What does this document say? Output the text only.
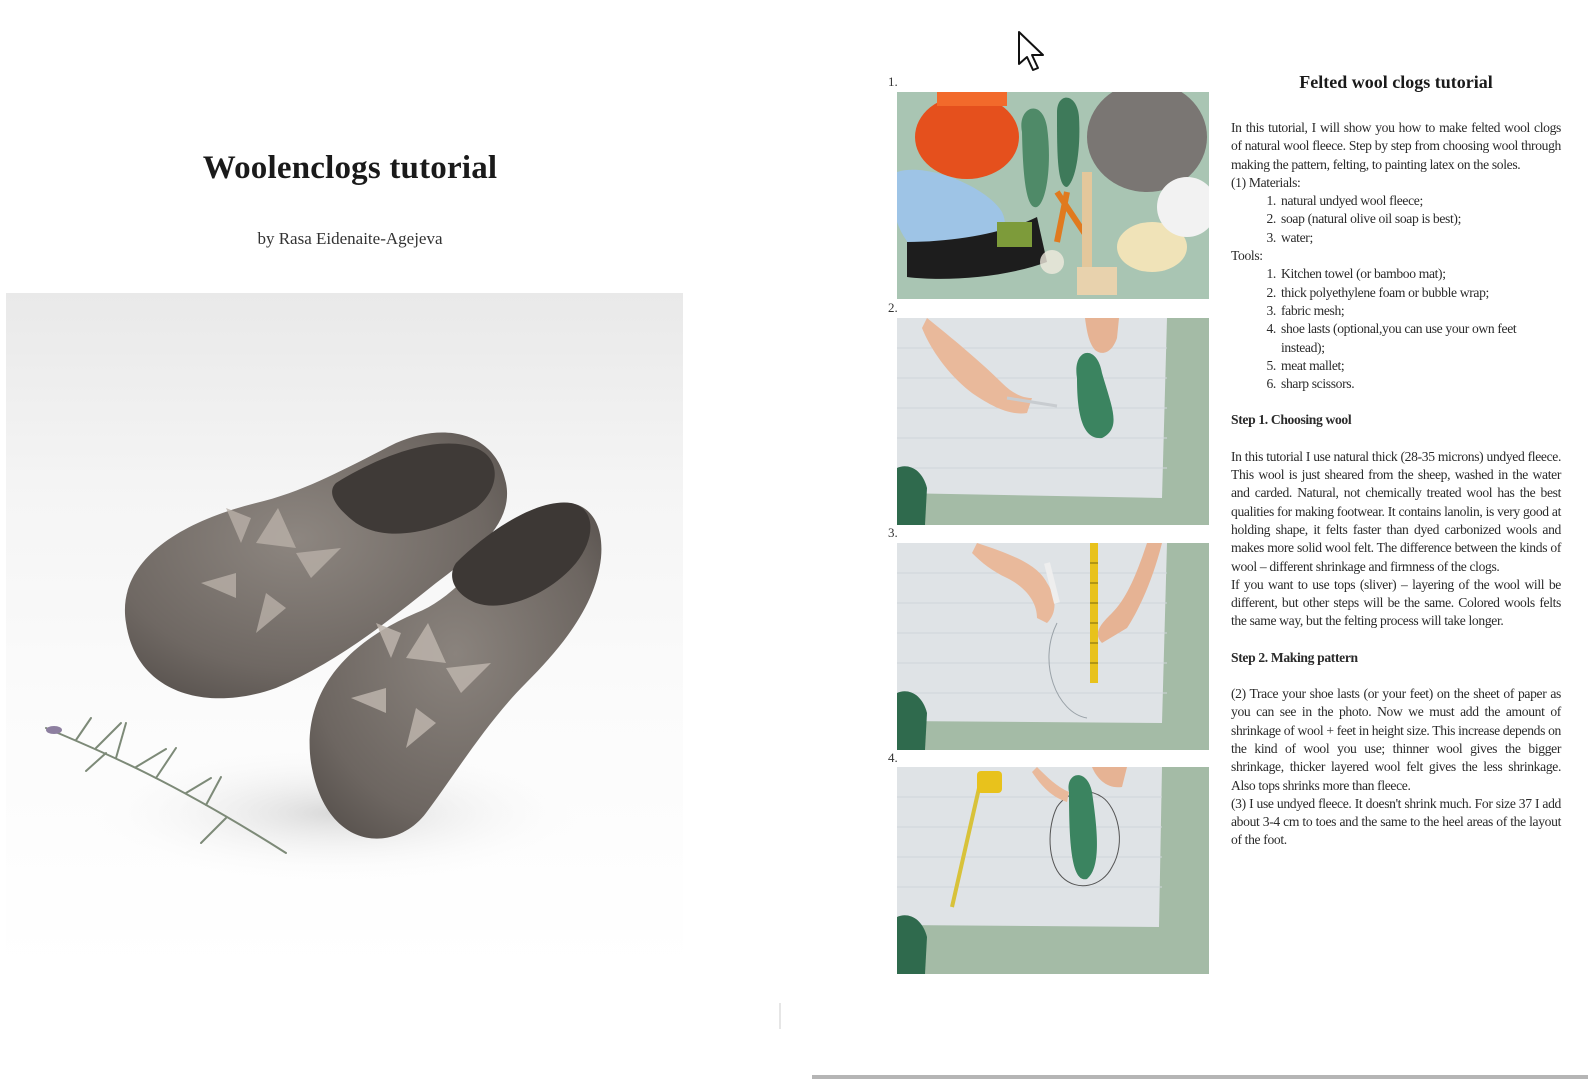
Woolenclogs tutorial
by Rasa Eidenaite-Agejeva
1.
2.
3.
4.
Felted wool clogs tutorial

In this tutorial, I will show you how to make felted wool clogs of natural wool fleece. Step by step from choosing wool through making the pattern, felting, to painting latex on the soles.

(1) Materials:
1. natural undyed wool fleece;
2. soap (natural olive oil soap is best);
3. water;
Tools:
1. Kitchen towel (or bamboo mat);
2. thick polyethylene foam or bubble wrap;
3. fabric mesh;
4. shoe lasts (optional,you can use your own feet instead);
5. meat mallet;
6. sharp scissors.
Step 1. Choosing wool

In this tutorial I use natural thick (28-35 microns) undyed fleece. This wool is just sheared from the sheep, washed in the water and carded. Natural, not chemically treated wool has the best qualities for making footwear. It contains lanolin, is very good at holding shape, it felts faster than dyed carbonized wools and makes more solid wool felt. The difference between the kinds of wool – different shrinkage and firmness of the clogs.

If you want to use tops (sliver) – layering of the wool will be different, but other steps will be the same. Colored wools felts the same way, but the felting process will take longer.

Step 2. Making pattern

(2) Trace your shoe lasts (or your feet) on the sheet of paper as you can see in the photo. Now we must add the amount of shrinkage of wool + feet in height size. This increase depends on the kind of wool you use; thinner wool gives the bigger shrinkage, thicker layered wool felt gives the less shrinkage. Also tops shrinks more than fleece.

(3) I use undyed fleece. It doesn't shrink much. For size 37 I add about 3-4 cm to toes and the same to the heel areas of the layout of the foot.
